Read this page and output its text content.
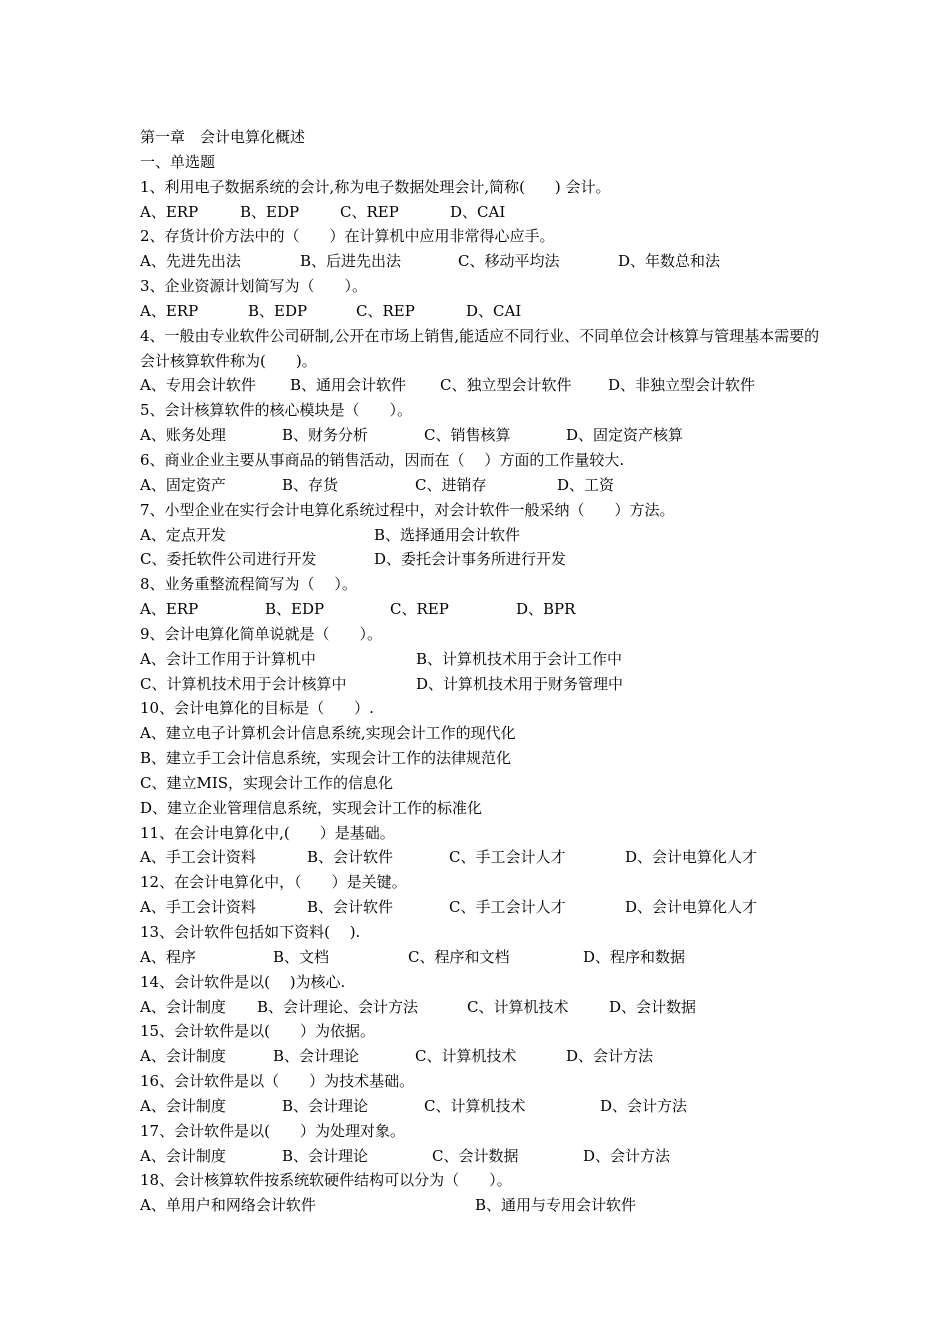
第一章　会计电算化概述
一、单选题
1、利用电子数据系统的会计,称为电子数据处理会计,简称(　　) 会计。
A、ERP	B、EDP	C、REP	D、CAI
2、存货计价方法中的（　　）在计算机中应用非常得心应手。
A、先进先出法	B、后进先出法	C、移动平均法	D、年数总和法
3、企业资源计划简写为（　　）。
A、ERP	B、EDP	C、REP	D、CAI
4、一般由专业软件公司研制,公开在市场上销售,能适应不同行业、不同单位会计核算与管理基本需要的会计核算软件称为(　　)。
A、专用会计软件 B、通用会计软件 C、独立型会计软件 D、非独立型会计软件
5、会计核算软件的核心模块是（　　）。
A、账务处理	B、财务分析	C、销售核算	D、固定资产核算
6、商业企业主要从事商品的销售活动，因而在（　 ）方面的工作量较大.
A、固定资产	B、存货	C、进销存	D、工资
7、小型企业在实行会计电算化系统过程中，对会计软件一般采纳（　　）方法。
A、定点开发	B、选择通用会计软件
C、委托软件公司进行开发	D、委托会计事务所进行开发
8、业务重整流程简写为（　 ）。
A、ERP	B、EDP	C、REP	D、BPR
9、会计电算化简单说就是（　　）。
A、会计工作用于计算机中	B、计算机技术用于会计工作中
C、计算机技术用于会计核算中	D、计算机技术用于财务管理中
10、会计电算化的目标是（　　）.
A、建立电子计算机会计信息系统,实现会计工作的现代化
B、建立手工会计信息系统，实现会计工作的法律规范化
C、建立MIS，实现会计工作的信息化
D、建立企业管理信息系统，实现会计工作的标准化
11、在会计电算化中,(　　）是基础。
A、手工会计资料	B、会计软件	C、手工会计人才	D、会计电算化人才
12、在会计电算化中，（　　）是关键。
A、手工会计资料	B、会计软件	C、手工会计人才	D、会计电算化人才
13、会计软件包括如下资料(　 ).
A、程序	B、文档	C、程序和文档	D、程序和数据
14、会计软件是以(　 )为核心.
A、会计制度 B、会计理论、会计方法	C、计算机技术	D、会计数据
15、会计软件是以(　　）为依据。
A、会计制度	B、会计理论	C、计算机技术	D、会计方法
16、会计软件是以（　　）为技术基础。
A、会计制度	B、会计理论	C、计算机技术	D、会计方法
17、会计软件是以(　　）为处理对象。
A、会计制度	B、会计理论	C、会计数据	D、会计方法
18、会计核算软件按系统软硬件结构可以分为（　　）。
A、单用户和网络会计软件	B、通用与专用会计软件
